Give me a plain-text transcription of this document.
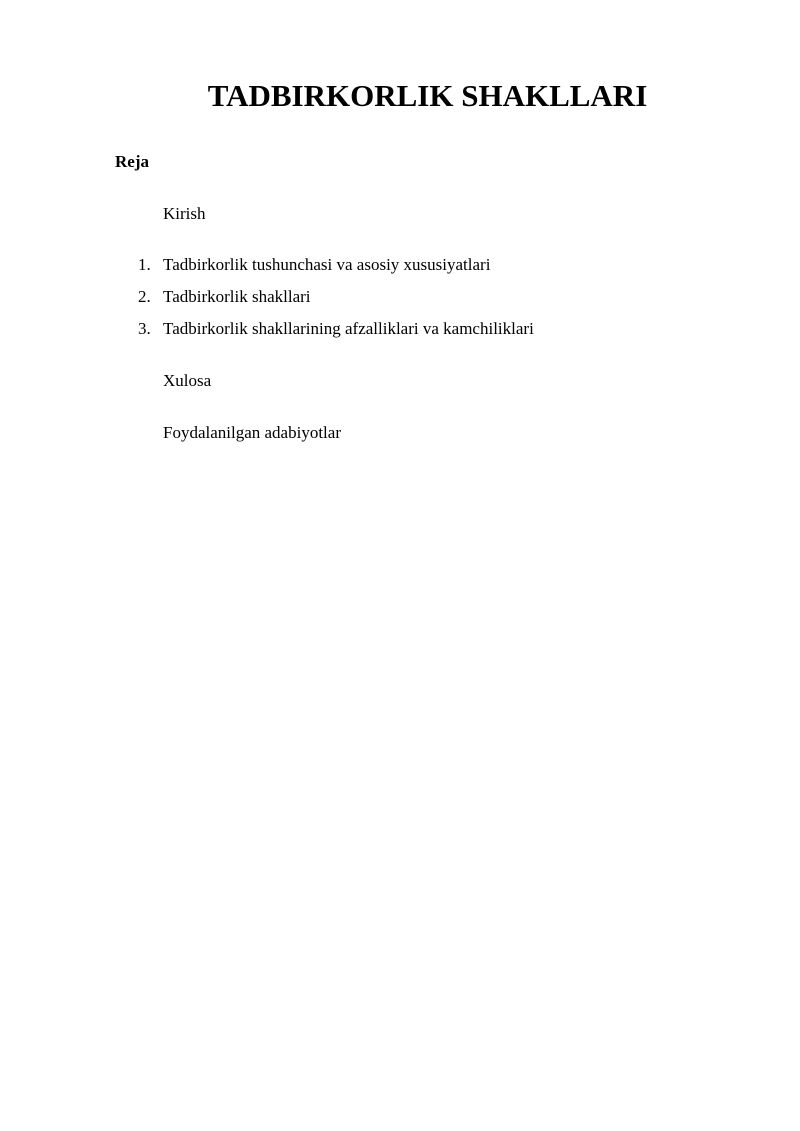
TADBIRKORLIK SHAKLLARI
Reja
Kirish
1. Tadbirkorlik tushunchasi va asosiy xususiyatlari
2. Tadbirkorlik shakllari
3. Tadbirkorlik shakllarining afzalliklari va kamchiliklari
Xulosa
Foydalanilgan adabiyotlar
